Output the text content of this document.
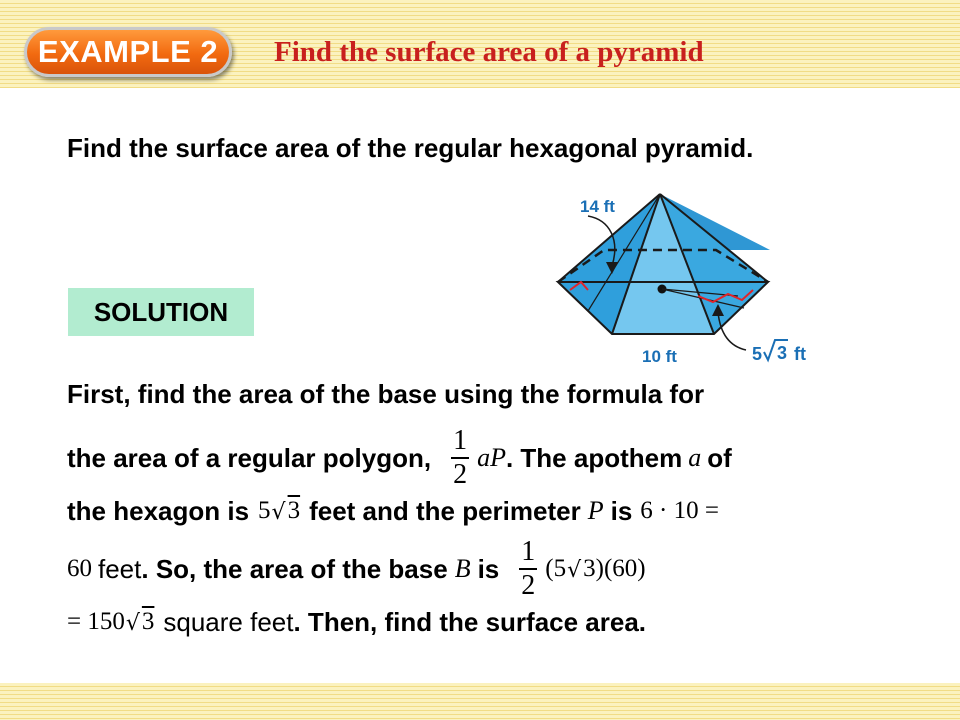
EXAMPLE 2	Find the surface area of a pyramid
Find the surface area of the regular hexagonal pyramid.
SOLUTION
14 ft
10 ft	5 3 ft
First, find the area of the base using the formula for
the area of a regular polygon, $\frac{1}{2}$ aP . The apothem a of
the hexagon is 5 √ 3 feet and the perimeter P is 6 · 10 =
60 feet . So, the area of the base B is $\frac{1}{2} (5$ √ 3)(60)
= 150 √ 3 square feet . Then, find the surface area.
